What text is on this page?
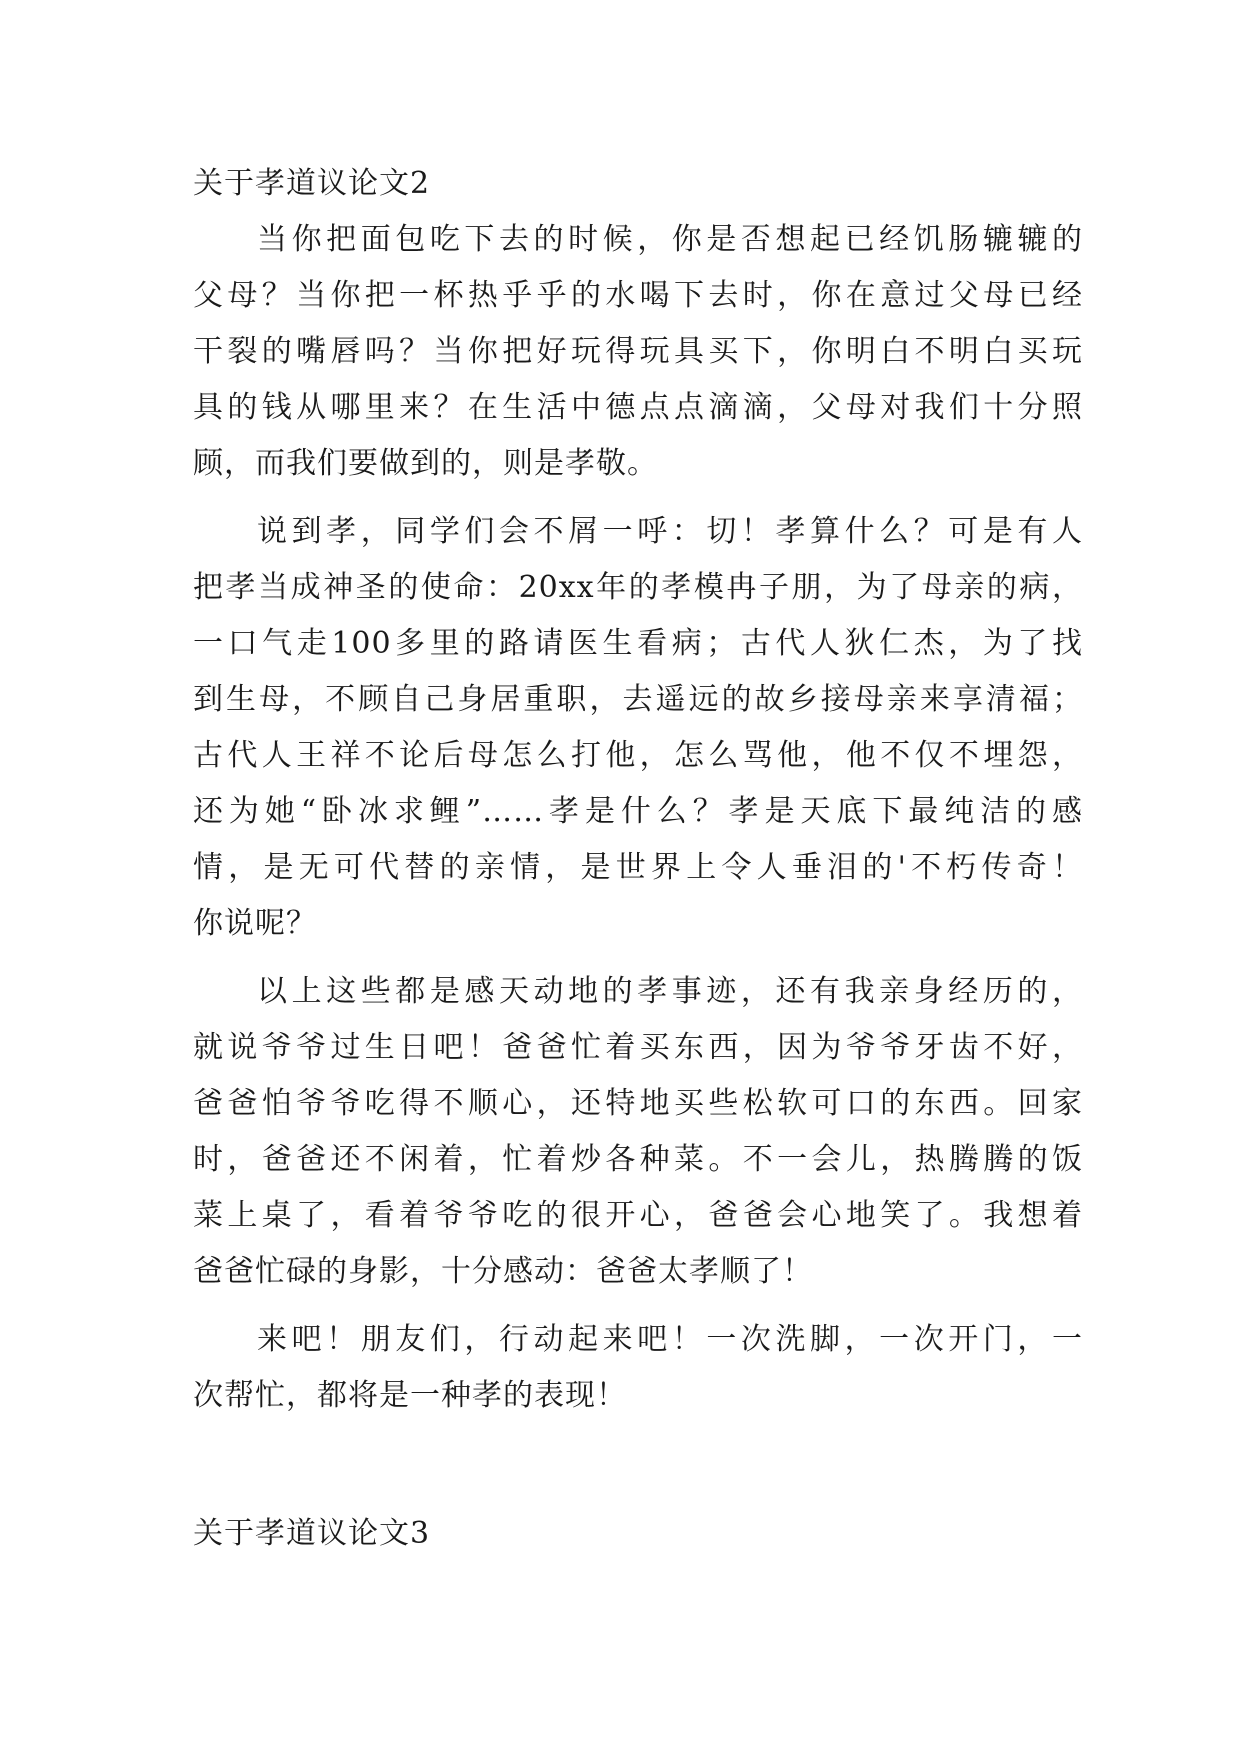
关于孝道议论文2
当你把面包吃下去的时候，你是否想起已经饥肠辘辘的
父母？当你把一杯热乎乎的水喝下去时，你在意过父母已经
干裂的嘴唇吗？当你把好玩得玩具买下，你明白不明白买玩
具的钱从哪里来？在生活中德点点滴滴，父母对我们十分照
顾，而我们要做到的，则是孝敬。
说到孝，同学们会不屑一呼：切！孝算什么？可是有人
把孝当成神圣的使命：20xx年的孝模冉子朋，为了母亲的病，
一口气走100多里的路请医生看病；古代人狄仁杰，为了找
到生母，不顾自己身居重职，去遥远的故乡接母亲来享清福；
古代人王祥不论后母怎么打他，怎么骂他，他不仅不埋怨，
还为她“卧冰求鲤”……孝是什么？孝是天底下最纯洁的感
情，是无可代替的亲情，是世界上令人垂泪的'不朽传奇！
你说呢？
以上这些都是感天动地的孝事迹，还有我亲身经历的，
就说爷爷过生日吧！爸爸忙着买东西，因为爷爷牙齿不好，
爸爸怕爷爷吃得不顺心，还特地买些松软可口的东西。回家
时，爸爸还不闲着，忙着炒各种菜。不一会儿，热腾腾的饭
菜上桌了，看着爷爷吃的很开心，爸爸会心地笑了。我想着
爸爸忙碌的身影，十分感动：爸爸太孝顺了！
来吧！朋友们，行动起来吧！一次洗脚，一次开门，一
次帮忙，都将是一种孝的表现！
关于孝道议论文3
